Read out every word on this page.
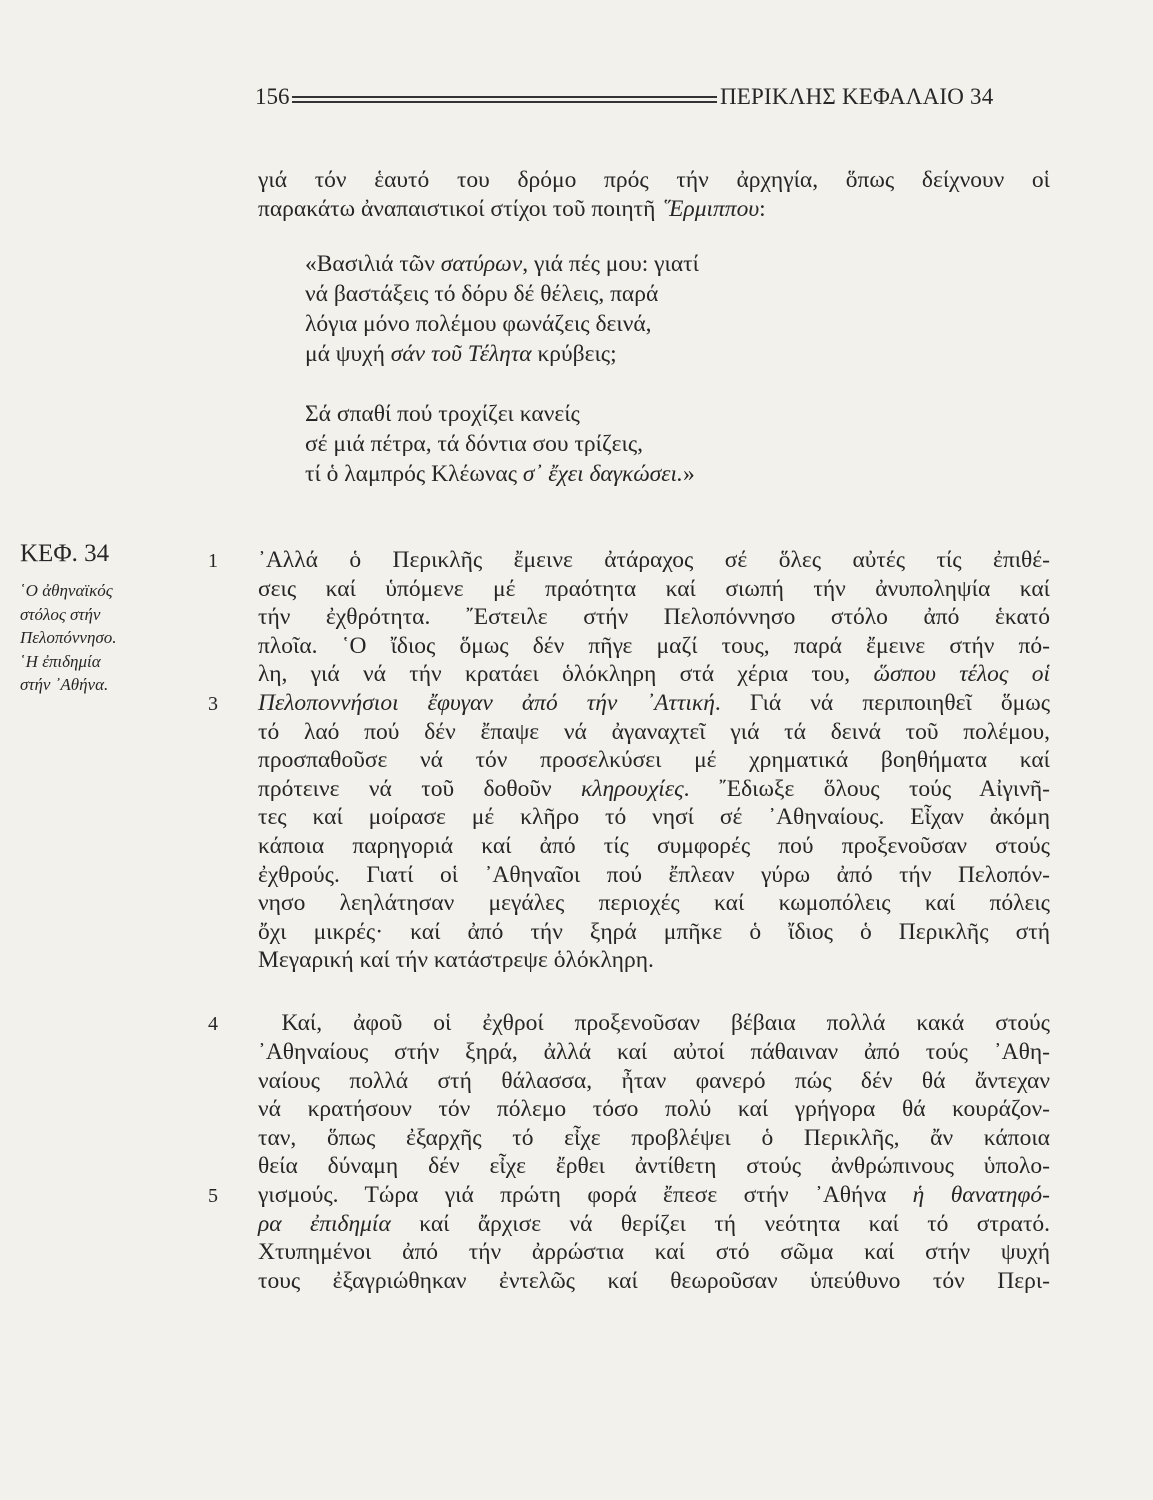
156	ΠΕΡΙΚΛΗΣ ΚΕΦΑΛΑΙΟ 34
ΚΕΦ. 34
῾Ο ἀθηναϊκός
στόλος στήν
Πελοπόννησο.
῾Η ἐπιδημία
στήν ᾿Αθήνα.
γιά τόν ἑαυτό του δρόμο πρός τήν ἀρχηγία, ὅπως δείχνουν οἱ
παρακάτω ἀναπαιστικοί στίχοι τοῦ ποιητῆ ῞Ερμιππου:
«Βασιλιά τῶν σατύρων, γιά πές μου: γιατί
νά βαστάξεις τό δόρυ δέ θέλεις, παρά
λόγια μόνο πολέμου φωνάζεις δεινά,
μά ψυχή σάν τοῦ Τέλητα κρύβεις;
Σά σπαθί πού τροχίζει κανείς
σέ μιά πέτρα, τά δόντια σου τρίζεις,
τί ὁ λαμπρός Κλέωνας σ᾿ ἔχει δαγκώσει.»
᾿Αλλά ὁ Περικλῆς ἔμεινε ἀτάραχος σέ ὅλες αὐτές τίς ἐπιθέ-
σεις καί ὑπόμενε μέ πραότητα καί σιωπή τήν ἀνυποληψία καί
τήν ἐχθρότητα. ῎Εστειλε στήν Πελοπόννησο στόλο ἀπό ἑκατό
πλοῖα. ῾Ο ἴδιος ὅμως δέν πῆγε μαζί τους, παρά ἔμεινε στήν πό-
λη, γιά νά τήν κρατάει ὁλόκληρη στά χέρια του, ὥσπου τέλος οἱ
Πελοποννήσιοι ἔφυγαν ἀπό τήν ᾿Αττική. Γιά νά περιποιηθεῖ ὅμως
τό λαό πού δέν ἔπαψε νά ἀγαναχτεῖ γιά τά δεινά τοῦ πολέμου,
προσπαθοῦσε νά τόν προσελκύσει μέ χρηματικά βοηθήματα καί
πρότεινε νά τοῦ δοθοῦν κληρουχίες. ῎Εδιωξε ὅλους τούς Αἰγινῆ-
τες καί μοίρασε μέ κλῆρο τό νησί σέ ᾿Αθηναίους. Εἶχαν ἀκόμη
κάποια παρηγοριά καί ἀπό τίς συμφορές πού προξενοῦσαν στούς
ἐχθρούς. Γιατί οἱ ᾿Αθηναῖοι πού ἔπλεαν γύρω ἀπό τήν Πελοπόν-
νησο λεηλάτησαν μεγάλες περιοχές καί κωμοπόλεις καί πόλεις
ὄχι μικρές· καί ἀπό τήν ξηρά μπῆκε ὁ ἴδιος ὁ Περικλῆς στή
Μεγαρική καί τήν κατάστρεψε ὁλόκληρη.
 Καί, ἀφοῦ οἱ ἐχθροί προξενοῦσαν βέβαια πολλά κακά στούς
᾿Αθηναίους στήν ξηρά, ἀλλά καί αὐτοί πάθαιναν ἀπό τούς ᾿Αθη-
ναίους πολλά στή θάλασσα, ἦταν φανερό πώς δέν θά ἄντεχαν
νά κρατήσουν τόν πόλεμο τόσο πολύ καί γρήγορα θά κουράζον-
ταν, ὅπως ἐξαρχῆς τό εἶχε προβλέψει ὁ Περικλῆς, ἄν κάποια
θεία δύναμη δέν εἶχε ἔρθει ἀντίθετη στούς ἀνθρώπινους ὑπολο-
γισμούς. Τώρα γιά πρώτη φορά ἔπεσε στήν ᾿Αθήνα ἡ θανατηφό-
ρα ἐπιδημία καί ἄρχισε νά θερίζει τή νεότητα καί τό στρατό.
Χτυπημένοι ἀπό τήν ἀρρώστια καί στό σῶμα καί στήν ψυχή
τους ἐξαγριώθηκαν ἐντελῶς καί θεωροῦσαν ὑπεύθυνο τόν Περι-
1
3
4
5
